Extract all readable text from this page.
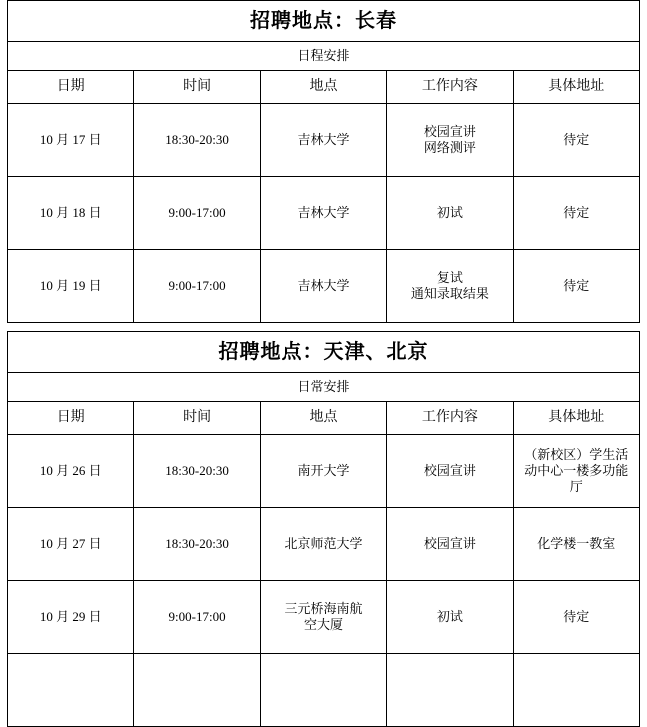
招聘地点：长春				
日程安排				
日期	时间	地点	工作内容	具体地址
10 月 17 日	18:30-20:30	吉林大学	校园宣讲
网络测评	待定

10 月 18 日	9:00-17:00	吉林大学	初试	待定

10 月 19 日	9:00-17:00	吉林大学	复试
通知录取结果	待定
招聘地点：天津、北京				
日常安排				
日期	时间	地点	工作内容	具体地址
10 月 26 日	18:30-20:30	南开大学	校园宣讲	（新校区）学生活
动中心一楼多功能
厅

10 月 27 日	18:30-20:30	北京师范大学	校园宣讲	化学楼一教室

10 月 29 日	9:00-17:00	三元桥海南航
空大厦	初试	待定
